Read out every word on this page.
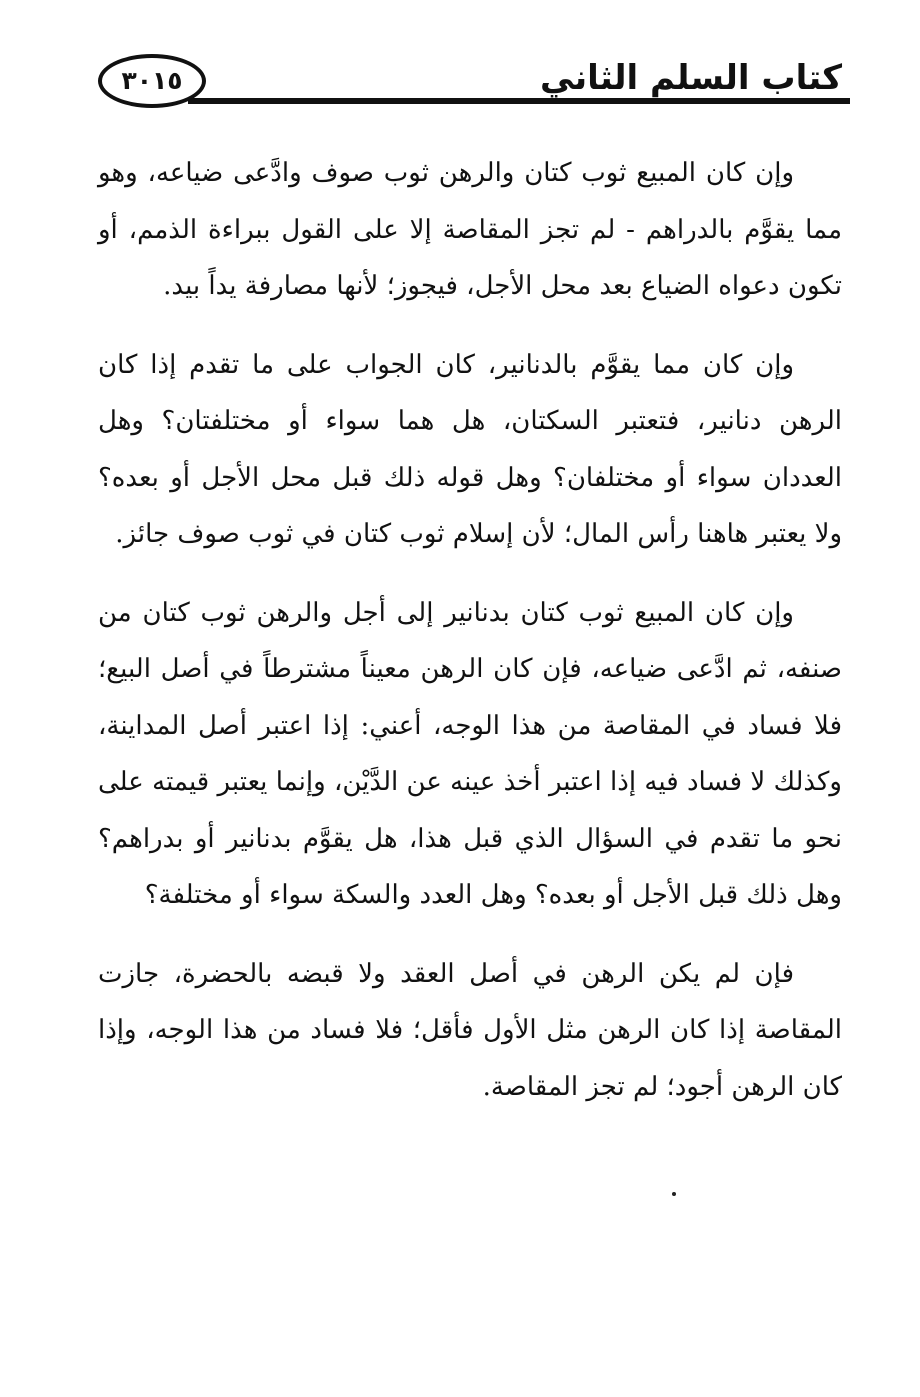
٣٠١٥	كتاب السلم الثاني

وإن كان المبيع ثوب كتان والرهن ثوب صوف وادَّعى ضياعه، وهو مما يقوَّم بالدراهم - لم تجز المقاصة إلا على القول ببراءة الذمم، أو تكون دعواه الضياع بعد محل الأجل، فيجوز؛ لأنها مصارفة يداً بيد.

وإن كان مما يقوَّم بالدنانير، كان الجواب على ما تقدم إذا كان الرهن دنانير، فتعتبر السكتان، هل هما سواء أو مختلفتان؟ وهل العددان سواء أو مختلفان؟ وهل قوله ذلك قبل محل الأجل أو بعده؟ ولا يعتبر هاهنا رأس المال؛ لأن إسلام ثوب كتان في ثوب صوف جائز.

وإن كان المبيع ثوب كتان بدنانير إلى أجل والرهن ثوب كتان من صنفه، ثم ادَّعى ضياعه، فإن كان الرهن معيناً مشترطاً في أصل البيع؛ فلا فساد في المقاصة من هذا الوجه، أعني: إذا اعتبر أصل المداينة، وكذلك لا فساد فيه إذا اعتبر أخذ عينه عن الدَّيْن، وإنما يعتبر قيمته على نحو ما تقدم في السؤال الذي قبل هذا، هل يقوَّم بدنانير أو بدراهم؟ وهل ذلك قبل الأجل أو بعده؟ وهل العدد والسكة سواء أو مختلفة؟

فإن لم يكن الرهن في أصل العقد ولا قبضه بالحضرة، جازت المقاصة إذا كان الرهن مثل الأول فأقل؛ فلا فساد من هذا الوجه، وإذا كان الرهن أجود؛ لم تجز المقاصة.
